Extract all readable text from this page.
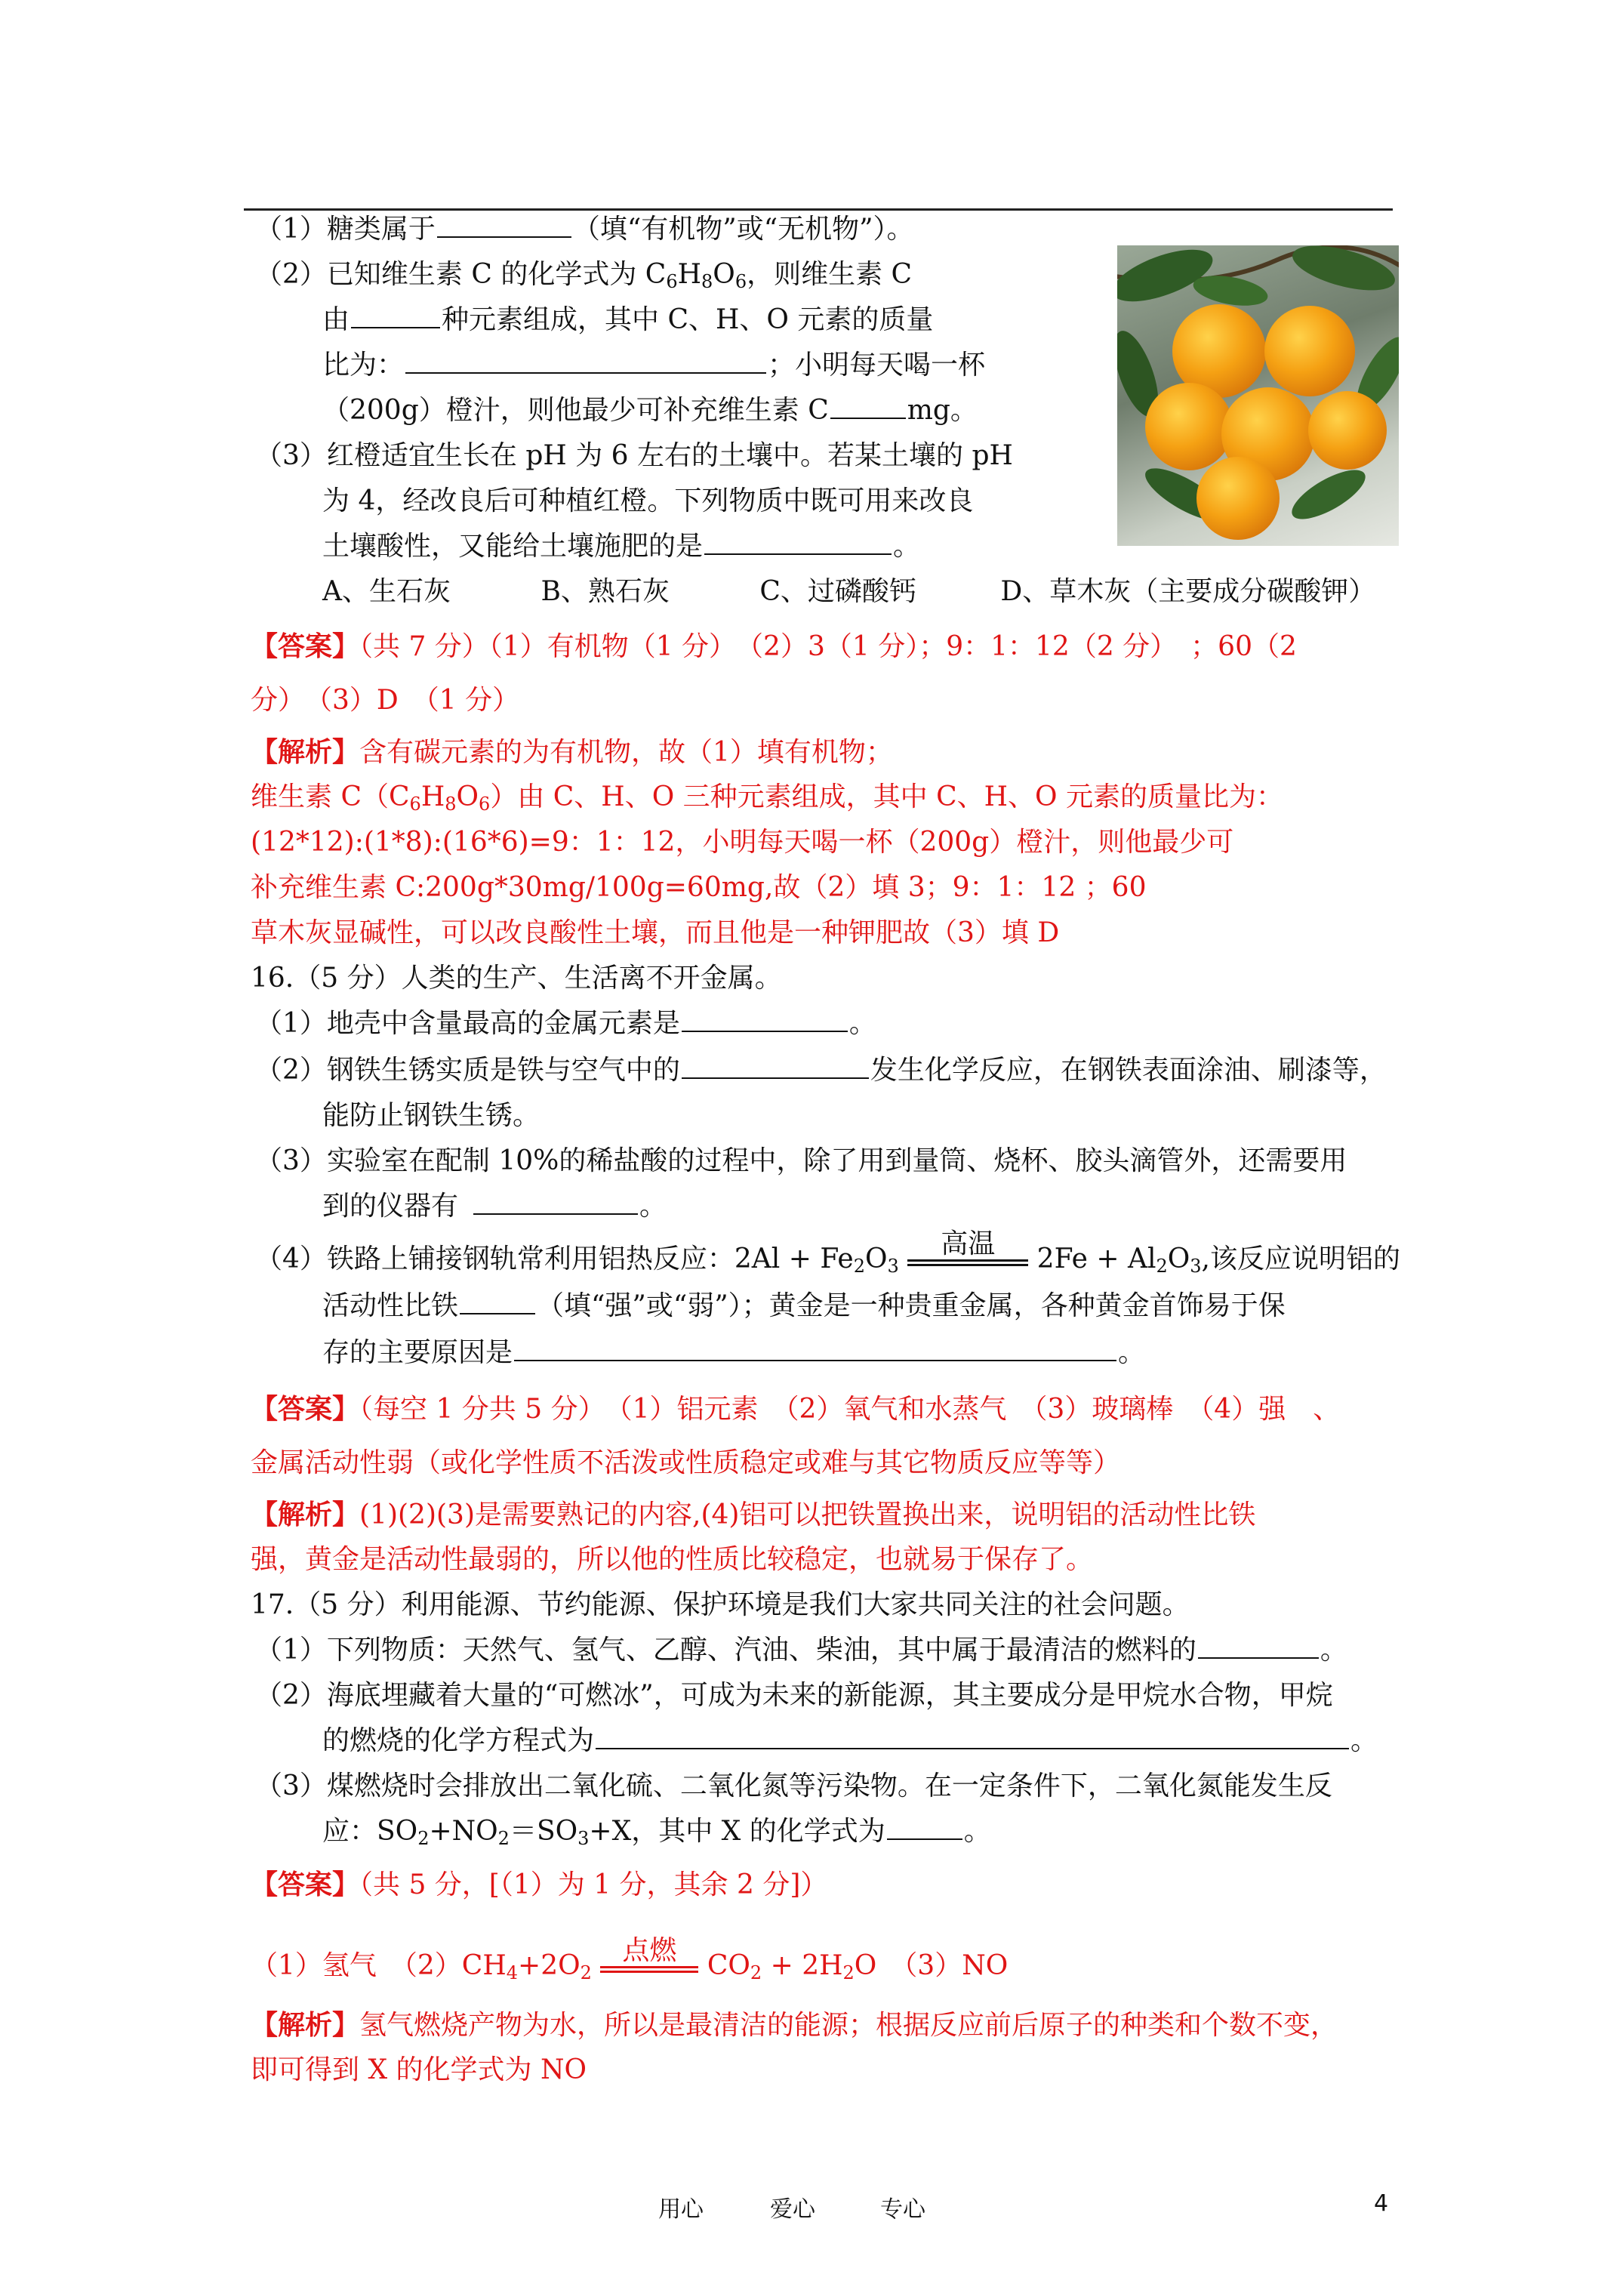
（1）糖类属于	（填“有机物”或“无机物”）。
（2）已知维生素 C 的化学式为 $C_6H_8O_6$，则维生素 C
由	种元素组成，其中 C、H、O 元素的质量
比为：	；小明每天喝一杯
（200g）橙汁，则他最少可补充维生素 C	mg。
（3）红橙适宜生长在 pH 为 6 左右的土壤中。若某土壤的 pH
为 4，经改良后可种植红橙。下列物质中既可用来改良
土壤酸性，又能给土壤施肥的是	。
A、生石灰	B、熟石灰	C、过磷酸钙	D、草木灰（主要成分碳酸钾）
【答案】（共 7 分）（1）有机物（1 分）　（2）3（1 分）；9：1：12（2 分）　；60（2
分）　（3）D　（1 分）
【解析】含有碳元素的为有机物，故（1）填有机物；
维生素 $C(C_6H_8O_6)$由 C、H、O 三种元素组成，其中 C、H、O 元素的质量比为：
(12*12):(1*8):(16*6)=9：1：12，小明每天喝一杯（200g）橙汁，则他最少可
补充维生素 C:200g*30mg/100g=60mg,故（2）填 3；9：1：12 ；60
草木灰显碱性，可以改良酸性土壤，而且他是一种钾肥故（3）填 D
16.（5 分）人类的生产、生活离不开金属。
（1）地壳中含量最高的金属元素是	。
（2）钢铁生锈实质是铁与空气中的	发生化学反应，在钢铁表面涂油、刷漆等，
能防止钢铁生锈。
（3）实验室在配制 10%的稀盐酸的过程中，除了用到量筒、烧杯、胶头滴管外，还需要用
到的仪器有	。
（4）铁路上铺接钢轨常利用铝热反应：$2Al + Fe_2O_3$
高温	$2Fe + Al_2O_3$,该反应说明铝的
活动性比铁	（填“强”或“弱”）；黄金是一种贵重金属，各种黄金首饰易于保
存的主要原因是	。
【答案】（每空 1 分共 5 分）　（1）铝元素　（2）氧气和水蒸气　（3）玻璃棒　（4）强　、
金属活动性弱（或化学性质不活泼或性质稳定或难与其它物质反应等等）
【解析】(1)(2)(3)是需要熟记的内容,(4)铝可以把铁置换出来，说明铝的活动性比铁
强，黄金是活动性最弱的，所以他的性质比较稳定，也就易于保存了。
17.（5 分）利用能源、节约能源、保护环境是我们大家共同关注的社会问题。
（1）下列物质：天然气、氢气、乙醇、汽油、柴油，其中属于最清洁的燃料的	。
（2）海底埋藏着大量的“可燃冰”，可成为未来的新能源，其主要成分是甲烷水合物，甲烷
的燃烧的化学方程式为	。
（3）煤燃烧时会排放出二氧化硫、二氧化氮等污染物。在一定条件下，二氧化氮能发生反
应：$SO_2+NO_2=SO_3+X$，其中 X 的化学式为	。
【答案】（共 5 分，[（1）为 1 分，其余 2 分]）
（1）氢气　$(2)CH_4+2O_2$
点燃	$CO_2 + 2H_2O$　（3）NO
【解析】氢气燃烧产物为水，所以是最清洁的能源；根据反应前后原子的种类和个数不变，
即可得到 X 的化学式为 NO
用心	爱心	专心	4
